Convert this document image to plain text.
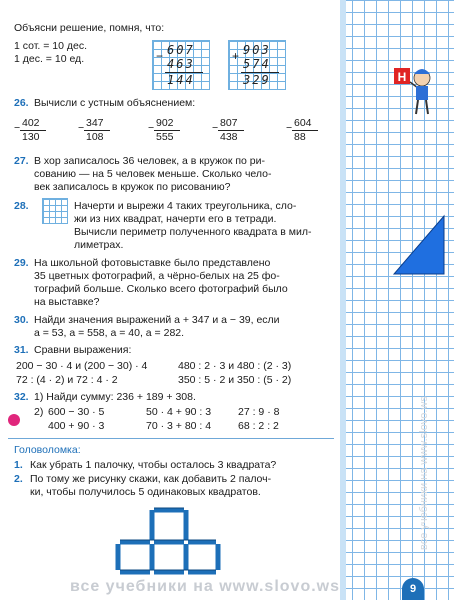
Объясни решение, помня, что:
1 сот. = 10 дес.
1 дес. = 10 ед.	− 607
463
144
+ 903
574
329
26. Вычисли с устным объяснением:
− 402
130
− 347
108
− 902
555
− 807
438
− 604
88
27. В хор записалось 36 человек, а в кружок по ри-
сованию — на 5 человек меньше. Сколько чело-
век записалось в кружок по рисованию?
28.	Начерти и вырежи 4 таких треугольника, сло-
жи из них квадрат, начерти его в тетради.
Вычисли периметр полученного квадрата в мил-
лиметрах.
29. На школьной фотовыставке было представлено
35 цветных фотографий, а чёрно-белых на 25 фо-
тографий больше. Сколько всего фотографий было
на выставке?
30. Найди значения выражений a + 347 и a − 39, если
a = 53, a = 558, a = 40, a = 282.
31. Сравни выражения:
200 − 30 · 4 и (200 − 30) · 4	480 : 2 · 3 и 480 : (2 · 3)
72 : (4 · 2) и 72 : 4 · 2	350 : 5 · 2 и 350 : (5 · 2)
32. 1) Найди сумму: 236 + 189 + 308.
2) 600 − 30 · 5	50 · 4 + 90 : 3	27 : 9 · 8
400 + 90 · 3	70 · 3 + 80 : 4	68 : 2 : 2
Головоломка:
1. Как убрать 1 палочку, чтобы осталось 3 квадрата?
2. По тому же рисунку скажи, как добавить 2 палоч-
ки, чтобы получилось 5 одинаковых квадратов.
все учебники на www.slovo.ws
Н
все учебники на www.slovo.ws
9
